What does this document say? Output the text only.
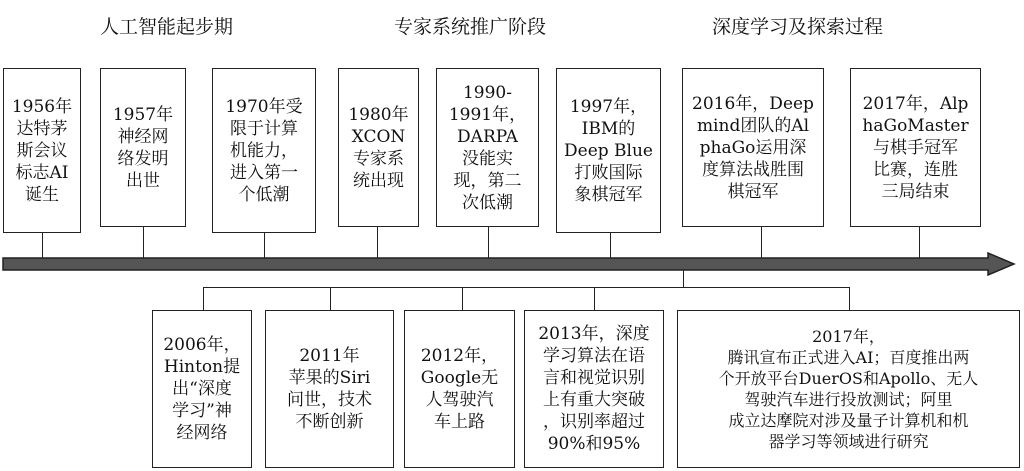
人工智能起步期	专家系统推广阶段	深度学习及探索过程
1956年
达特茅
斯会议
标志AI
诞生
1957年
神经网
络发明
出世
1970年受
限于计算
机能力，
进入第一
个低潮
1980年
XCON
专家系
统出现
1990-
1991年，
DARPA
没能实
现，第二
次低潮
1997年，
IBM的
Deep Blue
打败国际
象棋冠军
2016年，Deep
mind团队的Al
phaGo运用深
度算法战胜围
棋冠军
2017年，Alp
haGoMaster
与棋手冠军
比赛，连胜
三局结束
2006年，
Hinton提
出“深度
学习”神
经网络
2011年
苹果的Siri
问世，技术
不断创新
2012年，
Google无
人驾驶汽
车上路
2013年，深度
学习算法在语
言和视觉识别
上有重大突破
，识别率超过
90%和95%
2017年，
腾讯宣布正式进入AI；百度推出两
个开放平台DuerOS和Apollo、无人
驾驶汽车进行投放测试；阿里
成立达摩院对涉及量子计算机和机
器学习等领域进行研究
